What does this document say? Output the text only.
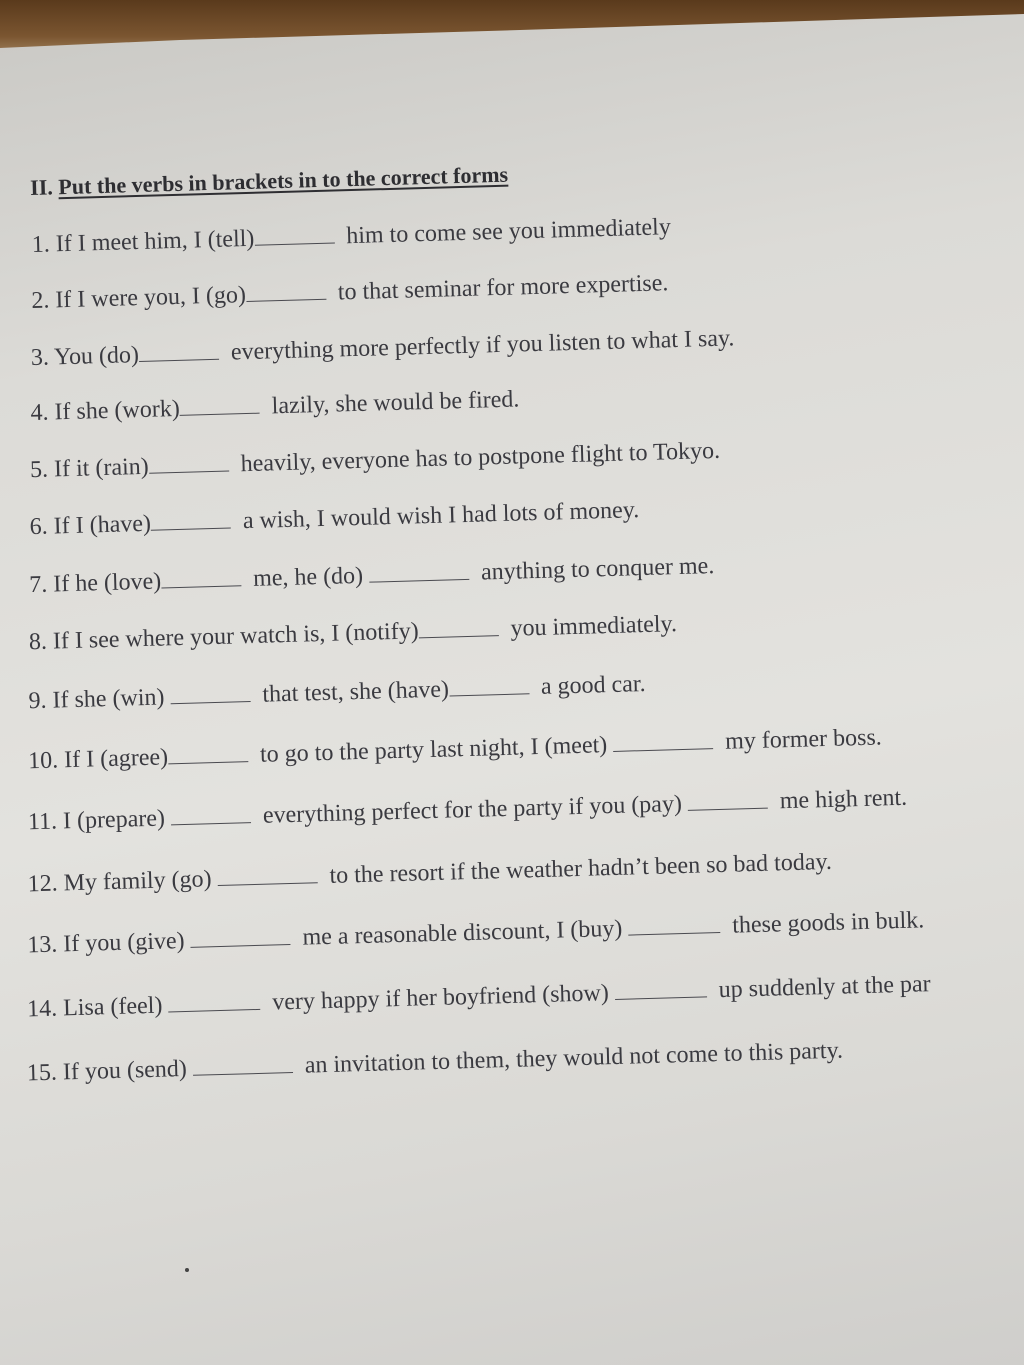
II. Put the verbs in brackets in to the correct forms
1. If I meet him, I (tell)	him to come see you immediately
2. If I were you, I (go)	to that seminar for more expertise.
3. You (do)	everything more perfectly if you listen to what I say.
4. If she (work)	lazily, she would be fired.
5. If it (rain)	heavily, everyone has to postpone flight to Tokyo.
6. If I (have)	a wish, I would wish I had lots of money.
7. If he (love)	me, he (do)	anything to conquer me.
8. If I see where your watch is, I (notify)	you immediately.
9. If she (win)	that test, she (have)	a good car.
10. If I (agree)	to go to the party last night, I (meet)	my former boss.
11. I (prepare)	everything perfect for the party if you (pay)	me high rent.
12. My family (go)	to the resort if the weather hadn’t been so bad today.
13. If you (give)	me a reasonable discount, I (buy)	these goods in bulk.
14. Lisa (feel)	very happy if her boyfriend (show)	up suddenly at the par
15. If you (send)	an invitation to them, they would not come to this party.
